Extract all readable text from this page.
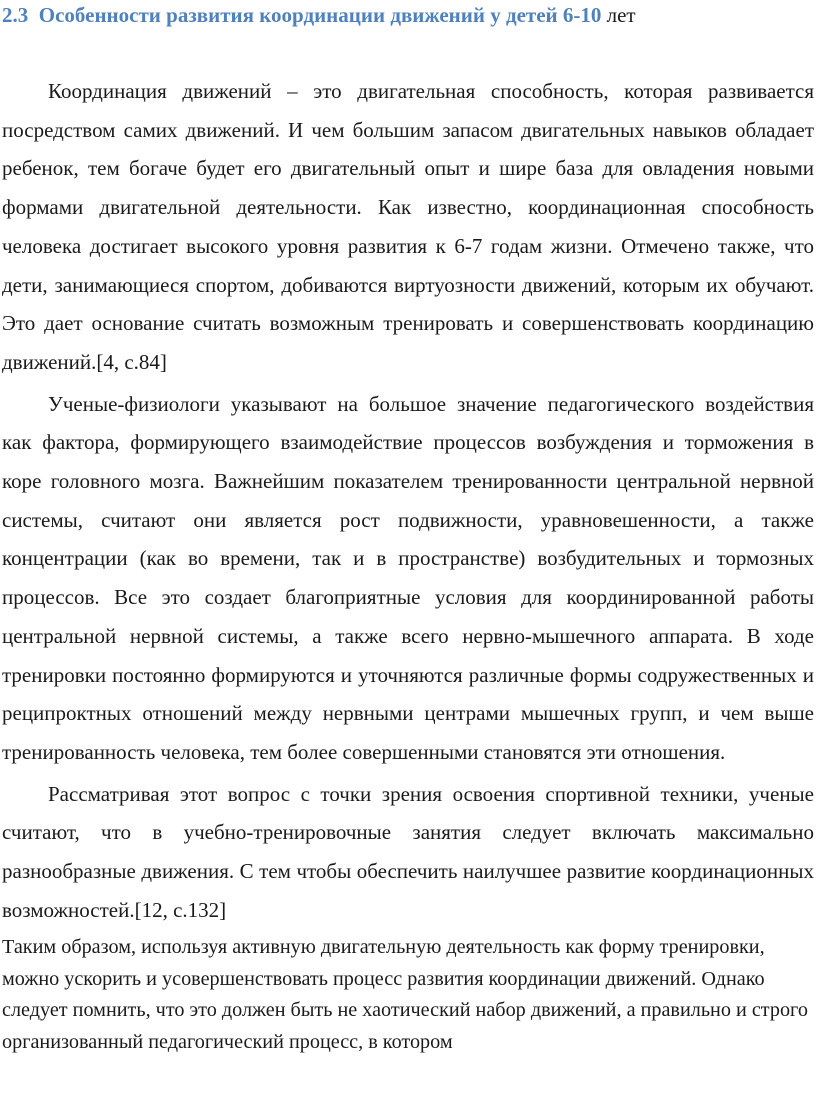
2.3 Особенности развития координации движений у детей 6-10 лет

Координация движений – это двигательная способность, которая развивается посредством самих движений. И чем большим запасом двигательных навыков обладает ребенок, тем богаче будет его двигательный опыт и шире база для овладения новыми формами двигательной деятельности. Как известно, координационная способность человека достигает высокого уровня развития к 6-7 годам жизни. Отмечено также, что дети, занимающиеся спортом, добиваются виртуозности движений, которым их обучают. Это дает основание считать возможным тренировать и совершенствовать координацию движений.[4, с.84]

Ученые-физиологи указывают на большое значение педагогического воздействия как фактора, формирующего взаимодействие процессов возбуждения и торможения в коре головного мозга. Важнейшим показателем тренированности центральной нервной системы, считают они является рост подвижности, уравновешенности, а также концентрации (как во времени, так и в пространстве) возбудительных и тормозных процессов. Все это создает благоприятные условия для координированной работы центральной нервной системы, а также всего нервно-мышечного аппарата. В ходе тренировки постоянно формируются и уточняются различные формы содружественных и реципроктных отношений между нервными центрами мышечных групп, и чем выше тренированность человека, тем более совершенными становятся эти отношения.

Рассматривая этот вопрос с точки зрения освоения спортивной техники, ученые считают, что в учебно-тренировочные занятия следует включать максимально разнообразные движения. С тем чтобы обеспечить наилучшее развитие координационных возможностей.[12, с.132]

Таким образом, используя активную двигательную деятельность как форму тренировки, можно ускорить и усовершенствовать процесс развития координации движений. Однако следует помнить, что это должен быть не хаотический набор движений, а правильно и строго организованный педагогический процесс, в котором
